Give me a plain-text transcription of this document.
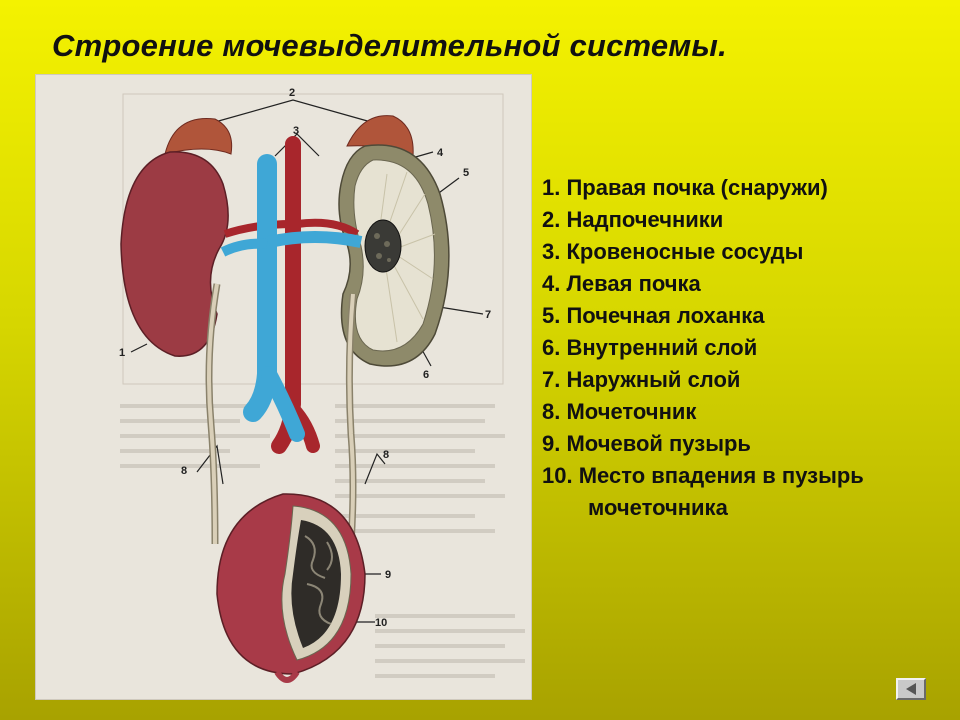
Строение мочевыделительной системы.
2
3
4
5
6
7
1
8
8
9
10
1. Правая почка (снаружи)
2. Надпочечники
3. Кровеносные сосуды
4. Левая почка
5. Почечная лоханка
6. Внутренний слой
7. Наружный слой
8. Мочеточник
9. Мочевой пузырь
10. Место впадения в пузырь
мочеточника
